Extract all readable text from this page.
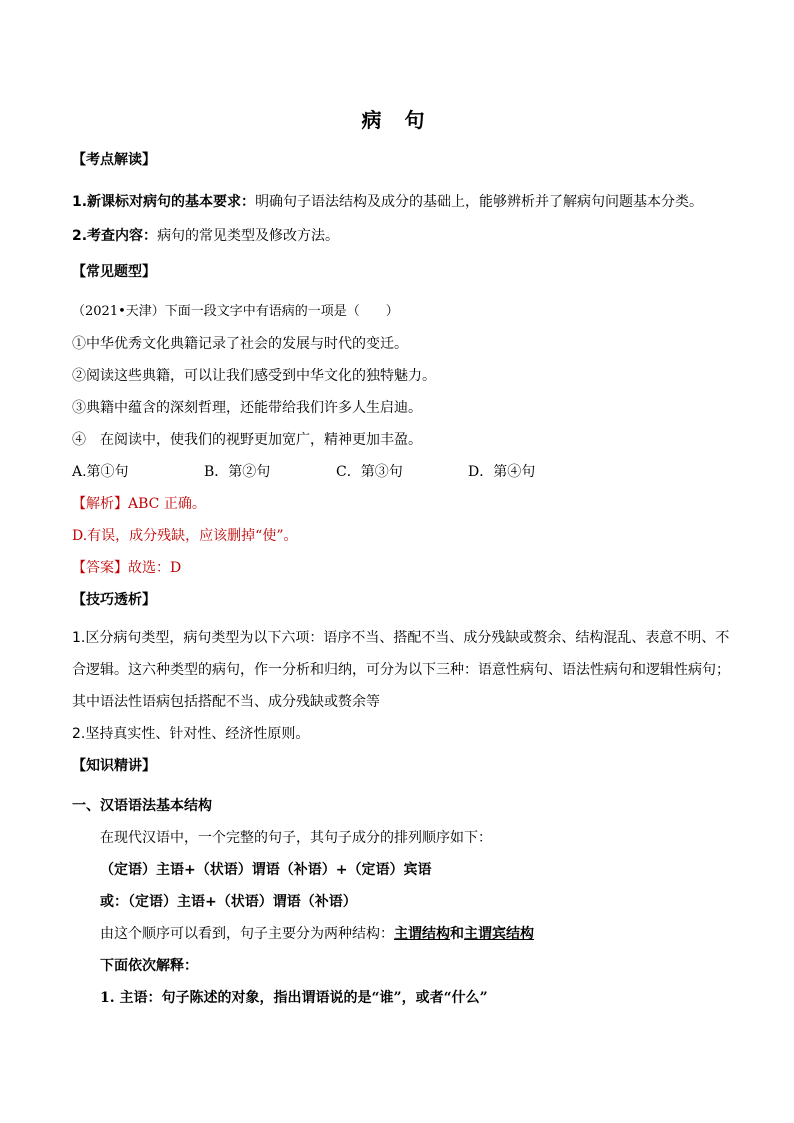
病 句
【考点解读】
1.新课标对病句的基本要求：明确句子语法结构及成分的基础上，能够辨析并了解病句问题基本分类。
2.考查内容：病句的常见类型及修改方法。
【常见题型】
（2021•天津）下面一段文字中有语病的一项是（　　）
①中华优秀文化典籍记录了社会的发展与时代的变迁。
②阅读这些典籍，可以让我们感受到中华文化的独特魅力。
③典籍中蕴含的深刻哲理，还能带给我们许多人生启迪。
④　在阅读中，使我们的视野更加宽广，精神更加丰盈。
A.第①句	B．第②句	C．第③句	D．第④句
【解析】ABC 正确。
D.有误，成分残缺，应该删掉“使”。
【答案】故选：D
【技巧透析】
1.区分病句类型，病句类型为以下六项：语序不当、搭配不当、成分残缺或赘余、结构混乱、表意不明、不
合逻辑。这六种类型的病句，作一分析和归纳，可分为以下三种：语意性病句、语法性病句和逻辑性病句；
其中语法性语病包括搭配不当、成分残缺或赘余等
2.坚持真实性、针对性、经济性原则。
【知识精讲】
一、汉语语法基本结构
在现代汉语中，一个完整的句子，其句子成分的排列顺序如下：
（定语）主语+（状语）谓语（补语）+（定语）宾语
或：（定语）主语+（状语）谓语（补语）
由这个顺序可以看到，句子主要分为两种结构：主谓结构和主谓宾结构
下面依次解释：
1. 主语：句子陈述的对象，指出谓语说的是“谁”，或者“什么”
